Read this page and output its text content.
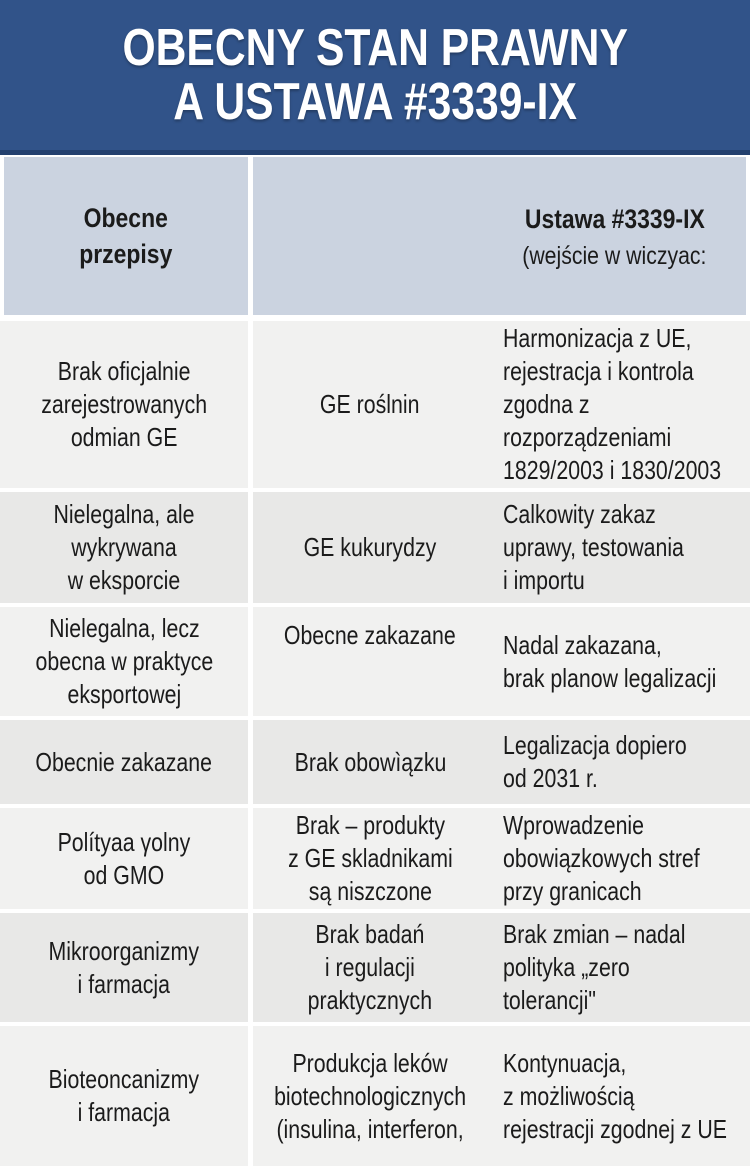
OBECNY STAN PRAWNY
A USTAWA #3339-IX
Obecne
przepisy
Ustawa #3339-IX
(wejście w wiczyac:
Brak oficjalnie
zarejestrowanych
odmian GE
GE roślnin
Harmonizacja z UE,
rejestracja i kontrola
zgodna z
rozporządzeniami
1829/2003 i 1830/2003
Nielegalna, ale
wykrywana
w eksporcie
GE kukurydzy
Calkowity zakaz
uprawy, testowania
i importu
Nielegalna, lecz
obecna w praktyce
eksportowej
Obecne zakazane Nadal zakazana,
brak planow legalizacji
Obecnie zakazane	Brak obowìązku
Legalizacja dopiero
od 2031 r.
Polítyaa γolny
od GMO
Brak – produkty
z GE skladnikami
są niszczone
Wprowadzenie
obowiązkowych stref
przy granicach
Mikroorganizmy
i farmacja
Brak badań
i regulacji
praktycznych
Brak zmian – nadal
polityka „zero
tolerancji"
Bioteoncanizmy
i farmacja
Produkcja leków
biotechnologicznych
(insulina, interferon,
Kontynuacja,
z możliwością
rejestracji zgodnej z UE
